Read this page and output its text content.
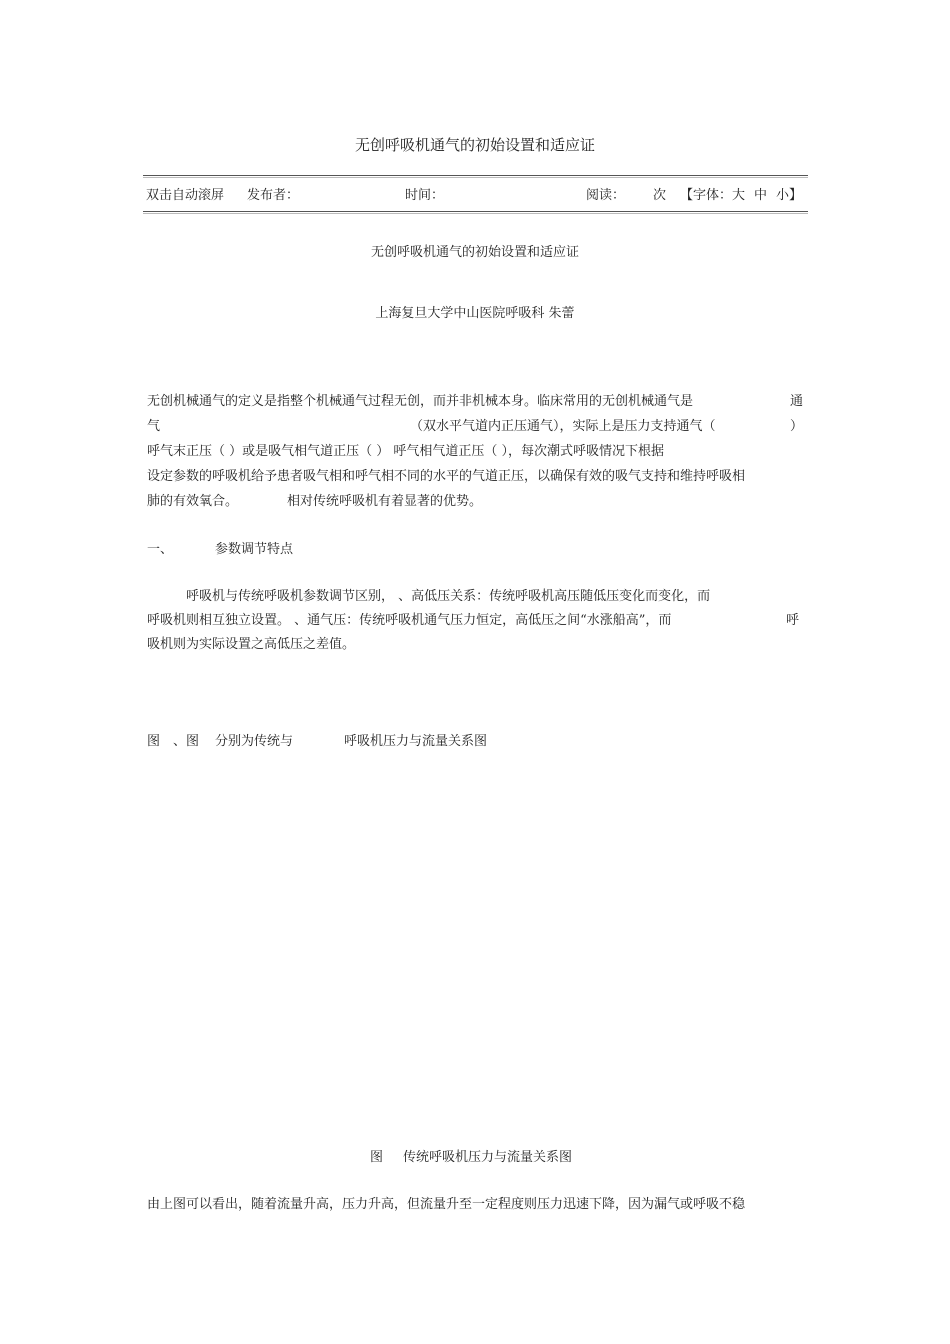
无创呼吸机通气的初始设置和适应证
双击自动滚屏 发布者：	时间：	阅读： 次 【字体： 大 中 小】
无创呼吸机通气的初始设置和适应证
上海复旦大学中山医院呼吸科 朱蕾
无创机械通气的定义是指整个机械通气过程无创，而并非机械本身。临床常用的无创机械通气是	通
气	（双水平气道内正压通气），实际上是压力支持通气（	）
呼气末正压（ ）或是吸气相气道正压（ ） 呼气相气道正压（ ），每次潮式呼吸情况下根据
设定参数的呼吸机给予患者吸气相和呼气相不同的水平的气道正压，以确保有效的吸气支持和维持呼吸相
肺的有效氧合。	相对传统呼吸机有着显著的优势。
一、	参数调节特点
呼吸机与传统呼吸机参数调节区别， 、高低压关系：传统呼吸机高压随低压变化而变化，而
呼吸机则相互独立设置。 、通气压：传统呼吸机通气压力恒定，高低压之间“水涨船高”，而	呼
吸机则为实际设置之高低压之差值。
图 、图 分别为传统与	呼吸机压力与流量关系图
图 传统呼吸机压力与流量关系图
由上图可以看出，随着流量升高，压力升高，但流量升至一定程度则压力迅速下降，因为漏气或呼吸不稳
